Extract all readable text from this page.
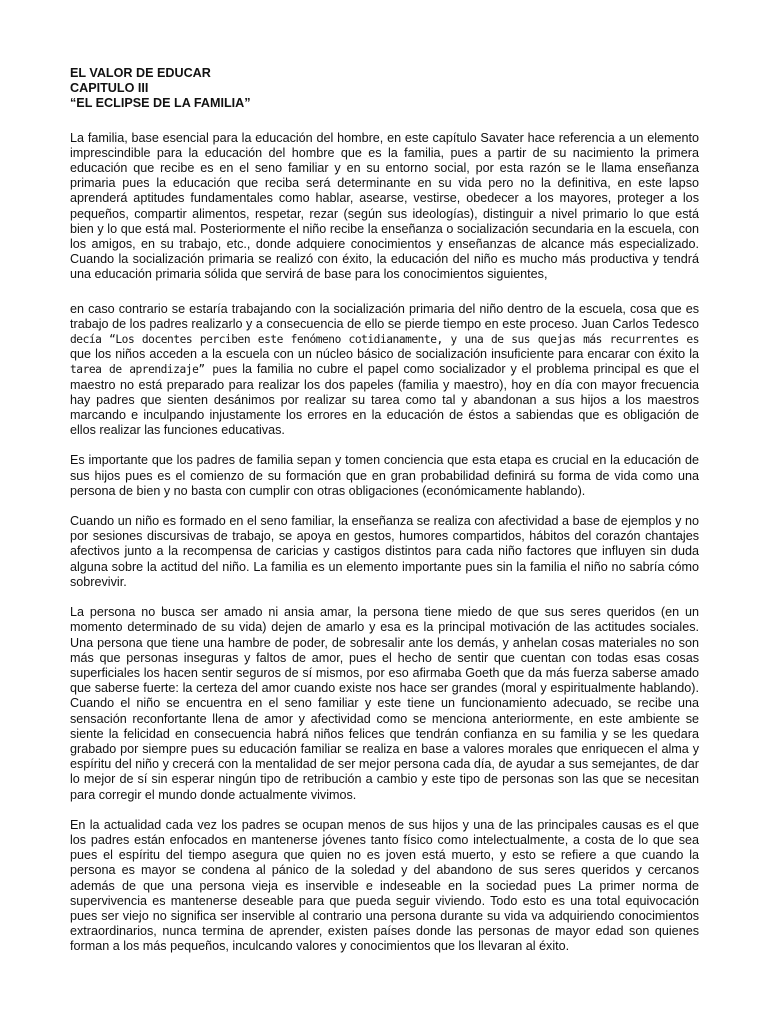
EL VALOR DE EDUCAR

CAPITULO III

“EL ECLIPSE DE LA FAMILIA”

La familia, base esencial para la educación del hombre, en este capítulo Savater hace referencia a un elemento imprescindible para la educación del hombre que es la familia, pues a partir de su nacimiento la primera educación que recibe es en el seno familiar y en su entorno social, por esta razón se le llama enseñanza primaria pues la educación que reciba será determinante en su vida pero no la definitiva, en este lapso aprenderá aptitudes fundamentales como hablar, asearse, vestirse, obedecer a los mayores, proteger a los pequeños, compartir alimentos, respetar, rezar (según sus ideologías), distinguir a nivel primario lo que está bien y lo que está mal. Posteriormente el niño recibe la enseñanza o socialización secundaria en la escuela, con los amigos, en su trabajo, etc., donde adquiere conocimientos y enseñanzas de alcance más especializado. Cuando la socialización primaria se realizó con éxito, la educación del niño es mucho más productiva y tendrá una educación primaria sólida que servirá de base para los conocimientos siguientes,

en caso contrario se estaría trabajando con la socialización primaria del niño dentro de la escuela, cosa que es trabajo de los padres realizarlo y a consecuencia de ello se pierde tiempo en este proceso. Juan Carlos Tedesco decía “Los docentes perciben este fenómeno cotidianamente, y una de sus quejas más recurrentes es que los niños acceden a la escuela con un núcleo básico de socialización insuficiente para encarar con éxito la tarea de aprendizaje” pues la familia no cubre el papel como socializador y el problema principal es que el maestro no está preparado para realizar los dos papeles (familia y maestro), hoy en día con mayor frecuencia hay padres que sienten desánimos por realizar su tarea como tal y abandonan a sus hijos a los maestros marcando e inculpando injustamente los errores en la educación de éstos a sabiendas que es obligación de ellos realizar las funciones educativas.

Es importante que los padres de familia sepan y tomen conciencia que esta etapa es crucial en la educación de sus hijos pues es el comienzo de su formación que en gran probabilidad definirá su forma de vida como una persona de bien y no basta con cumplir con otras obligaciones (económicamente hablando).

Cuando un niño es formado en el seno familiar, la enseñanza se realiza con afectividad a base de ejemplos y no por sesiones discursivas de trabajo, se apoya en gestos, humores compartidos, hábitos del corazón chantajes afectivos junto a la recompensa de caricias y castigos distintos para cada niño factores que influyen sin duda alguna sobre la actitud del niño. La familia es un elemento importante pues sin la familia el niño no sabría cómo sobrevivir.

La persona no busca ser amado ni ansia amar, la persona tiene miedo de que sus seres queridos (en un momento determinado de su vida) dejen de amarlo y esa es la principal motivación de las actitudes sociales. Una persona que tiene una hambre de poder, de sobresalir ante los demás, y anhelan cosas materiales no son más que personas inseguras y faltos de amor, pues el hecho de sentir que cuentan con todas esas cosas superficiales los hacen sentir seguros de sí mismos, por eso afirmaba Goeth que da más fuerza saberse amado que saberse fuerte: la certeza del amor cuando existe nos hace ser grandes (moral y espiritualmente hablando). Cuando el niño se encuentra en el seno familiar y este tiene un funcionamiento adecuado, se recibe una sensación reconfortante llena de amor y afectividad como se menciona anteriormente, en este ambiente se siente la felicidad en consecuencia habrá niños felices que tendrán confianza en su familia y se les quedara grabado por siempre pues su educación familiar se realiza en base a valores morales que enriquecen el alma y espíritu del niño y crecerá con la mentalidad de ser mejor persona cada día, de ayudar a sus semejantes, de dar lo mejor de sí sin esperar ningún tipo de retribución a cambio y este tipo de personas son las que se necesitan para corregir el mundo donde actualmente vivimos.

En la actualidad cada vez los padres se ocupan menos de sus hijos y una de las principales causas es el que los padres están enfocados en mantenerse jóvenes tanto físico como intelectualmente, a costa de lo que sea pues el espíritu del tiempo asegura que quien no es joven está muerto, y esto se refiere a que cuando la persona es mayor se condena al pánico de la soledad y del abandono de sus seres queridos y cercanos además de que una persona vieja es inservible e indeseable en la sociedad pues La primer norma de supervivencia es mantenerse deseable para que pueda seguir viviendo. Todo esto es una total equivocación pues ser viejo no significa ser inservible al contrario una persona durante su vida va adquiriendo conocimientos extraordinarios, nunca termina de aprender, existen países donde las personas de mayor edad son quienes forman a los más pequeños, inculcando valores y conocimientos que los llevaran al éxito.
